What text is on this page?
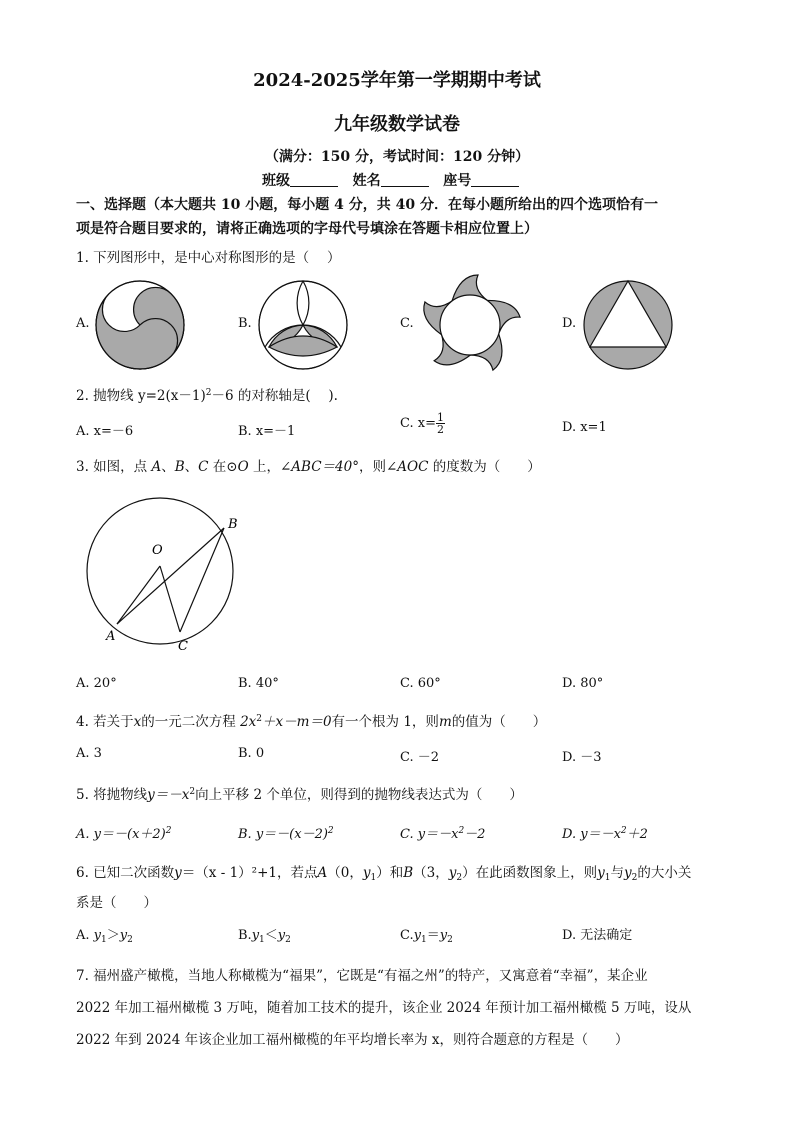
2024-2025学年第一学期期中考试
九年级数学试卷
（满分：150 分，考试时间：120 分钟）
班级	姓名	座号
一、选择题（本大题共 10 小题，每小题 4 分，共 40 分．在每小题所给出的四个选项恰有一
项是符合题目要求的，请将正确选项的字母代号填涂在答题卡相应位置上）
1. 下列图形中，是中心对称图形的是（　 ）
A.	B.	C.	D.
2. 抛物线 $y=2(x-1)^2-6$ 的对称轴是(　 ).
A. x=－6	B. x=－1
C. $x= \frac{1}{2}$	D. x=1
3. 如图，点 A、B、C 在⊙O 上，∠ABC＝40°，则∠AOC 的度数为（　　）
O
A
B
C
A. 20°	B. 40°	C. 60°	D. 80°
4. 若关于x的一元二次方程 $2x^2+x-m=0$有一个根为 1，则m的值为（　　）
A. 3	B. 0	C. －2	D. －3
5. 将抛物线$y=-x^2$向上平移 2 个单位，则得到的抛物线表达式为（　　）
A. $y=-(x+2)^2$	B. $y=-(x-2)^2$	C. $y=-x^2-2$	D. $y=-x^2+2$
6. 已知二次函数y＝（x - 1）²+1，若点A（0，$y_1$）和B（3，$y_2$）在此函数图象上，则$y_1$与$y_2$的大小关
系是（　　）
A. $y_1>y_2$	$B.y_1<y_2$	$C.y_1=y_2$	D. 无法确定
7. 福州盛产橄榄，当地人称橄榄为“福果”，它既是“有福之州”的特产，又寓意着“幸福”，某企业
2022 年加工福州橄榄 3 万吨，随着加工技术的提升，该企业 2024 年预计加工福州橄榄 5 万吨，设从
2022 年到 2024 年该企业加工福州橄榄的年平均增长率为 x，则符合题意的方程是（　　）
